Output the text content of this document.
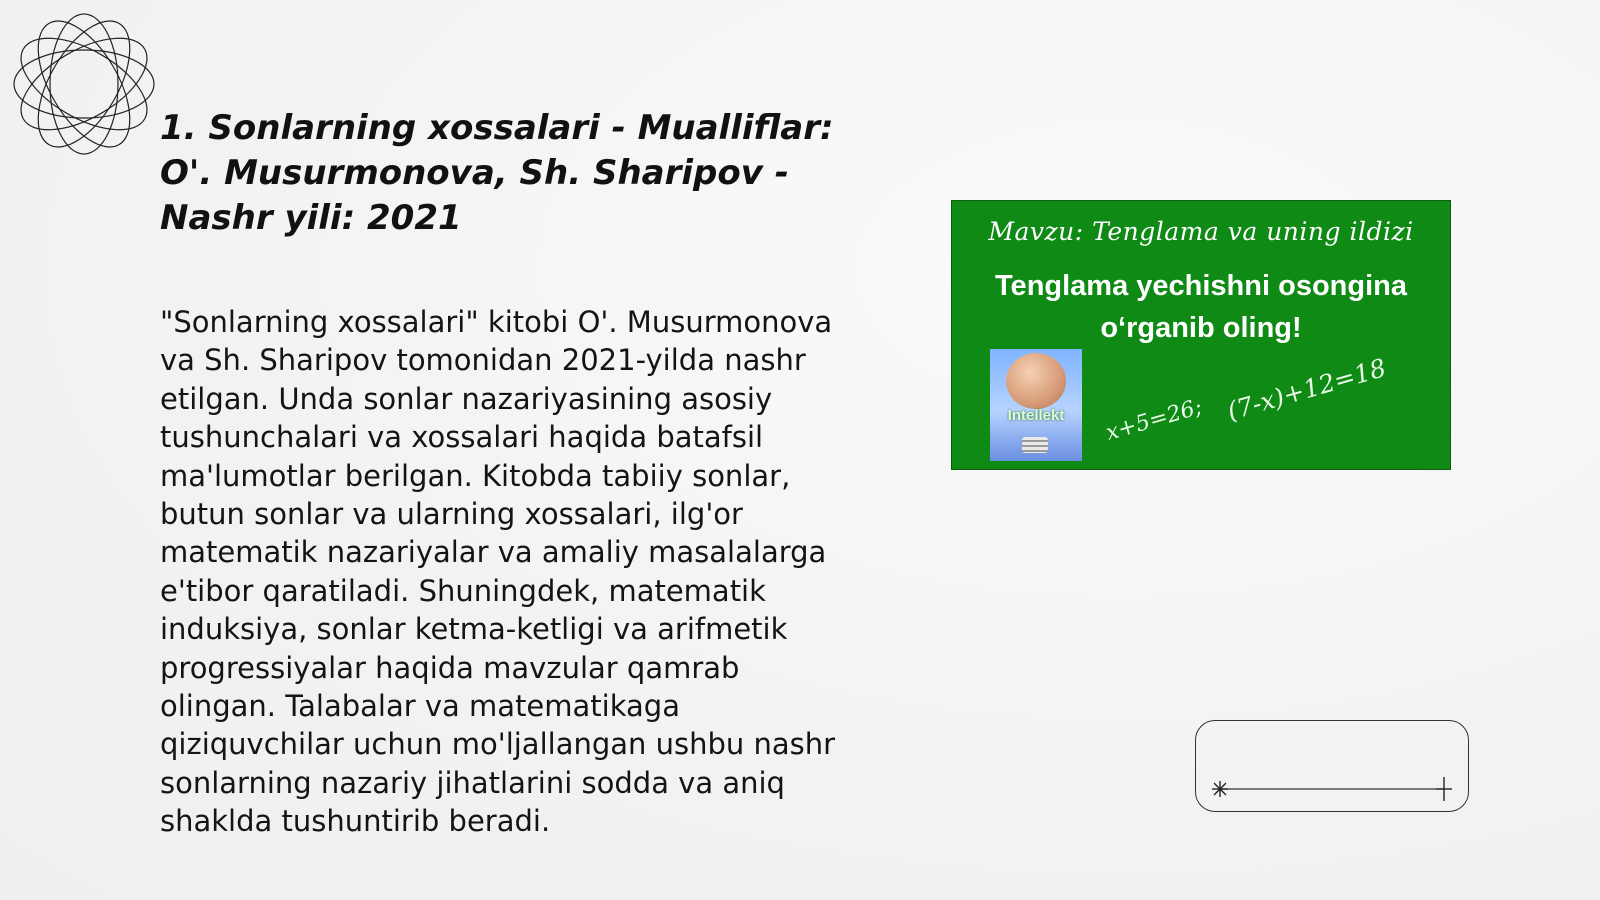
1. Sonlarning xossalari - Mualliflar: O'. Musurmonova, Sh. Sharipov - Nashr yili: 2021

"Sonlarning xossalari" kitobi O'. Musurmonova va Sh. Sharipov tomonidan 2021-yilda nashr etilgan. Unda sonlar nazariyasining asosiy tushunchalari va xossalari haqida batafsil ma'lumotlar berilgan. Kitobda tabiiy sonlar, butun sonlar va ularning xossalari, ilg'or matematik nazariyalar va amaliy masalalarga e'tibor qaratiladi. Shuningdek, matematik induksiya, sonlar ketma-ketligi va arifmetik progressiyalar haqida mavzular qamrab olingan. Talabalar va matematikaga qiziquvchilar uchun mo'ljallangan ushbu nashr sonlarning nazariy jihatlarini sodda va aniq shaklda tushuntirib beradi.

Mavzu: Tenglama va uning ildizi
Tenglama yechishni osongina
o‘rganib oling!
Intellekt	x+5=26; (7-x)+12=18
